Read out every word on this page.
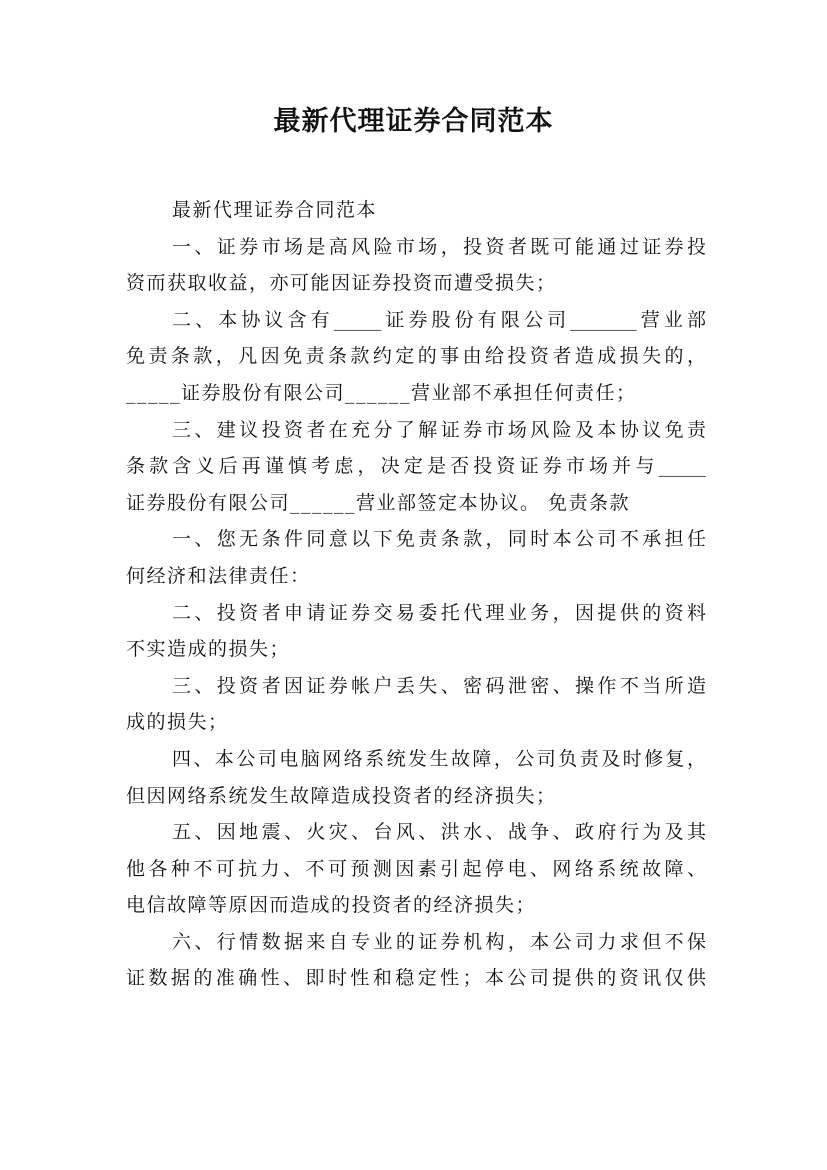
最新代理证券合同范本
最新代理证券合同范本
一、证券市场是高风险市场，投资者既可能通过证券投
资而获取收益，亦可能因证券投资而遭受损失；
二、本协议含有_____证券股份有限公司_______营业部
免责条款，凡因免责条款约定的事由给投资者造成损失的，
_____证券股份有限公司______营业部不承担任何责任；
三、建议投资者在充分了解证券市场风险及本协议免责
条款含义后再谨慎考虑，决定是否投资证券市场并与_____
证券股份有限公司______营业部签定本协议。 免责条款
一、您无条件同意以下免责条款，同时本公司不承担任
何经济和法律责任：
二、投资者申请证券交易委托代理业务，因提供的资料
不实造成的损失；
三、投资者因证券帐户丢失、密码泄密、操作不当所造
成的损失；
四、本公司电脑网络系统发生故障，公司负责及时修复，
但因网络系统发生故障造成投资者的经济损失；
五、因地震、火灾、台风、洪水、战争、政府行为及其
他各种不可抗力、不可预测因素引起停电、网络系统故障、
电信故障等原因而造成的投资者的经济损失；
六、行情数据来自专业的证券机构，本公司力求但不保
证数据的准确性、即时性和稳定性；本公司提供的资讯仅供
